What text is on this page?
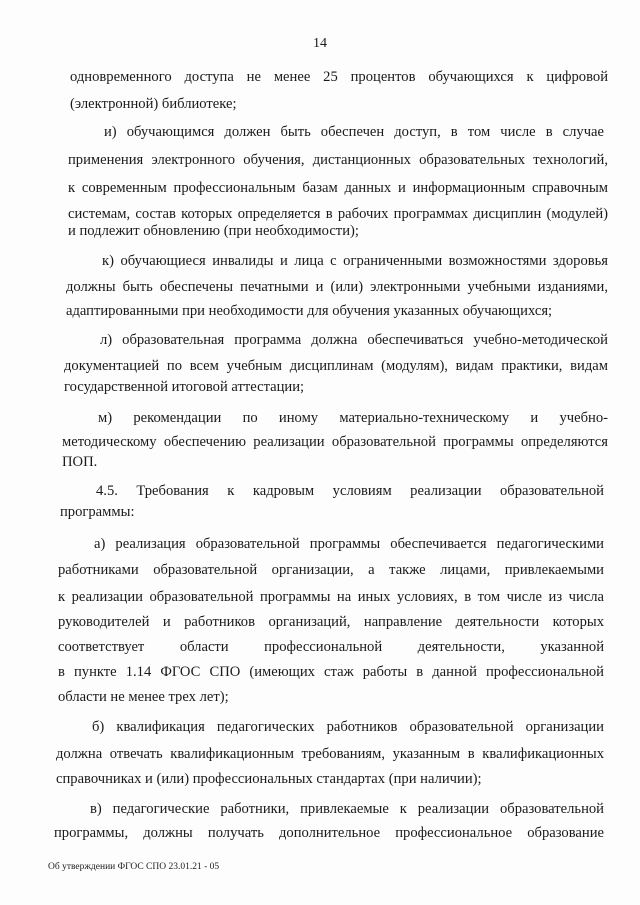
14

одновременного доступа не менее 25 процентов обучающихся к цифровой

(электронной) библиотеке;

и) обучающимся должен быть обеспечен доступ, в том числе в случае

применения электронного обучения, дистанционных образовательных технологий,

к современным профессиональным базам данных и информационным справочным

системам, состав которых определяется в рабочих программах дисциплин (модулей)

и подлежит обновлению (при необходимости);

к) обучающиеся инвалиды и лица с ограниченными возможностями здоровья

должны быть обеспечены печатными и (или) электронными учебными изданиями,

адаптированными при необходимости для обучения указанных обучающихся;

л) образовательная программа должна обеспечиваться учебно-методической

документацией по всем учебным дисциплинам (модулям), видам практики, видам

государственной итоговой аттестации;

м) рекомендации по иному материально-техническому и учебно-

методическому обеспечению реализации образовательной программы определяются

ПОП.

4.5. Требования к кадровым условиям реализации образовательной

программы:

а) реализация образовательной программы обеспечивается педагогическими

работниками образовательной организации, а также лицами, привлекаемыми

к реализации образовательной программы на иных условиях, в том числе из числа

руководителей и работников организаций, направление деятельности которых

соответствует области профессиональной деятельности, указанной

в пункте 1.14 ФГОС СПО (имеющих стаж работы в данной профессиональной

области не менее трех лет);

б) квалификация педагогических работников образовательной организации

должна отвечать квалификационным требованиям, указанным в квалификационных

справочниках и (или) профессиональных стандартах (при наличии);

в) педагогические работники, привлекаемые к реализации образовательной

программы, должны получать дополнительное профессиональное образование

Об утверждении ФГОС СПО 23.01.21 - 05
